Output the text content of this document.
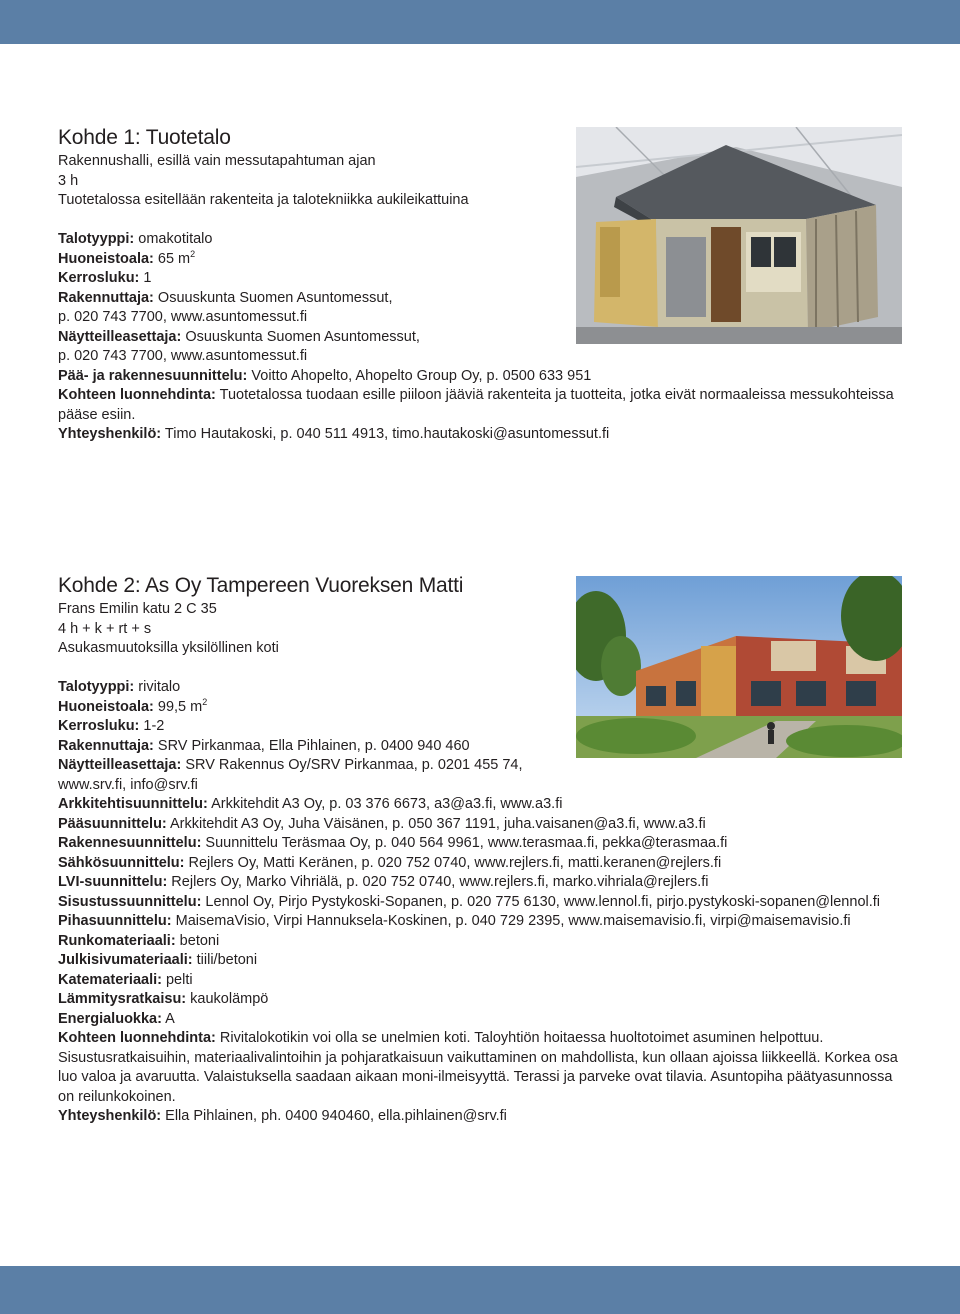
Kohde 1: Tuotetalo
Rakennushalli, esillä vain messutapahtuman ajan
3 h
Tuotetalossa esitellään rakenteita ja talotekniikka aukileikattuina
Talotyyppi: omakotitalo
Huoneistoala: 65 $m^2$
Kerrosluku: 1
Rakennuttaja: Osuuskunta Suomen Asuntomessut,
p. 020 743 7700, www.asuntomessut.fi
Näytteilleasettaja: Osuuskunta Suomen Asuntomessut,
p. 020 743 7700, www.asuntomessut.fi
Pää- ja rakennesuunnittelu: Voitto Ahopelto, Ahopelto Group Oy, p. 0500 633 951
Kohteen luonnehdinta: Tuotetalossa tuodaan esille piiloon jääviä rakenteita ja tuotteita, jotka eivät normaaleissa messukohteissa pääse esiin.
Yhteyshenkilö: Timo Hautakoski, p. 040 511 4913, timo.hautakoski@asuntomessut.fi
Kohde 2: As Oy Tampereen Vuoreksen Matti
Frans Emilin katu 2 C 35
4 h + k + rt + s
Asukasmuutoksilla yksilöllinen koti
Talotyyppi: rivitalo
Huoneistoala: 99,5 $m^2$
Kerrosluku: 1-2
Rakennuttaja: SRV Pirkanmaa, Ella Pihlainen, p. 0400 940 460
Näytteilleasettaja: SRV Rakennus Oy/SRV Pirkanmaa, p. 0201 455 74,
www.srv.fi, info@srv.fi
Arkkitehtisuunnittelu: Arkkitehdit A3 Oy, p. 03 376 6673, a3@a3.fi, www.a3.fi
Pääsuunnittelu: Arkkitehdit A3 Oy, Juha Väisänen, p. 050 367 1191, juha.vaisanen@a3.fi, www.a3.fi
Rakennesuunnittelu: Suunnittelu Teräsmaa Oy, p. 040 564 9961, www.terasmaa.fi, pekka@terasmaa.fi
Sähkösuunnittelu: Rejlers Oy, Matti Keränen, p. 020 752 0740, www.rejlers.fi, matti.keranen@rejlers.fi
LVI-suunnittelu: Rejlers Oy, Marko Vihriälä, p. 020 752 0740, www.rejlers.fi, marko.vihriala@rejlers.fi
Sisustussuunnittelu: Lennol Oy, Pirjo Pystykoski-Sopanen, p. 020 775 6130, www.lennol.fi, pirjo.pystykoski-sopanen@lennol.fi
Pihasuunnittelu: MaisemaVisio, Virpi Hannuksela-Koskinen, p. 040 729 2395, www.maisemavisio.fi, virpi@maisemavisio.fi
Runkomateriaali: betoni
Julkisivumateriaali: tiili/betoni
Katemateriaali: pelti
Lämmitysratkaisu: kaukolämpö
Energialuokka: A
Kohteen luonnehdinta: Rivitalokotikin voi olla se unelmien koti. Taloyhtiön hoitaessa huoltotoimet asuminen helpottuu. Sisustusratkaisuihin, materiaalivalintoihin ja pohjaratkaisuun vaikuttaminen on mahdollista, kun ollaan ajoissa liikkeellä. Korkea osa luo valoa ja avaruutta. Valaistuksella saadaan aikaan moni-ilmeisyyttä. Terassi ja parveke ovat tilavia. Asuntopiha päätyasunnossa on reilunkokoinen.
Yhteyshenkilö: Ella Pihlainen, ph. 0400 940460, ella.pihlainen@srv.fi
